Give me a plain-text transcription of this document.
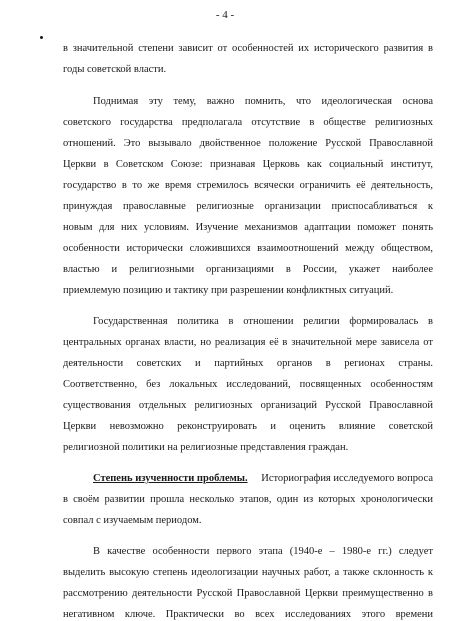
- 4 -
в значительной степени зависит от особенностей их исторического развития в
годы советской власти.
Поднимая эту тему, важно помнить, что идеологическая основа
советского государства предполагала отсутствие в обществе религиозных
отношений. Это вызывало двойственное положение Русской Православной
Церкви в Советском Союзе: признавая Церковь как социальный институт,
государство в то же время стремилось всячески ограничить её деятельность,
принуждая православные религиозные организации приспосабливаться к
новым для них условиям. Изучение механизмов адаптации поможет понять
особенности исторически сложившихся взаимоотношений между обществом,
властью и религиозными организациями в России, укажет наиболее
приемлемую позицию и тактику при разрешении конфликтных ситуаций.
Государственная политика в отношении религии формировалась в
центральных органах власти, но реализация её в значительной мере зависела от
деятельности советских и партийных органов в регионах страны.
Соответственно, без локальных исследований, посвященных особенностям
существования отдельных религиозных организаций Русской Православной
Церкви невозможно реконструировать и оценить влияние советской
религиозной политики на религиозные представления граждан.
Степень изученности проблемы. Историография исследуемого вопроса
в своём развитии прошла несколько этапов, один из которых хронологически
совпал с изучаемым периодом.
В качестве особенности первого этапа (1940-е – 1980-е гг.) следует
выделить высокую степень идеологизации научных работ, а также склонность к
рассмотрению деятельности Русской Православной Церкви преимущественно в
негативном ключе. Практически во всех исследованиях этого времени
